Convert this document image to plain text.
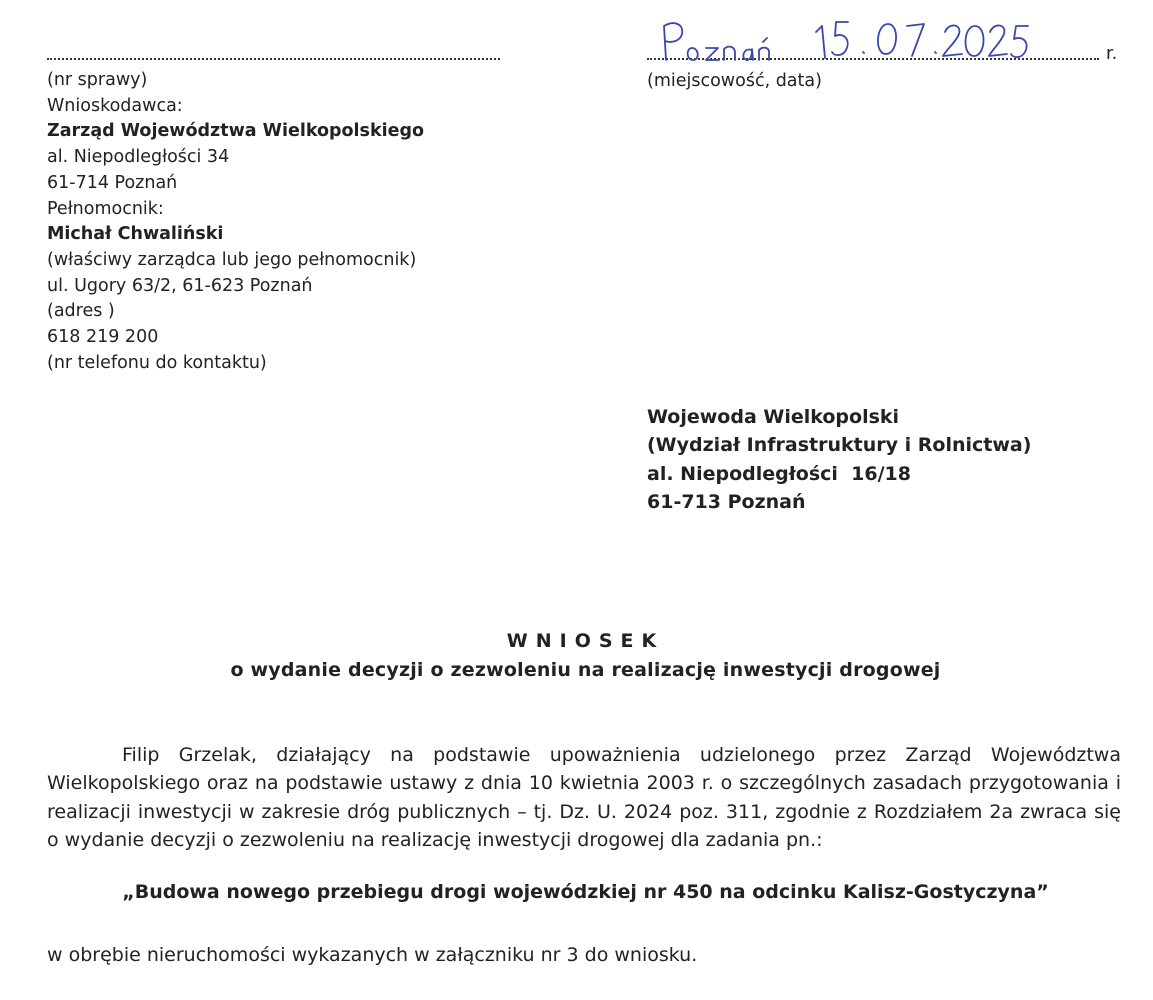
(nr sprawy)
Wnioskodawca:
Zarząd Województwa Wielkopolskiego
al. Niepodległości 34
61-714 Poznań
Pełnomocnik:
Michał Chwaliński
(właściwy zarządca lub jego pełnomocnik)
ul. Ugory 63/2, 61-623 Poznań
(adres )
618 219 200
(nr telefonu do kontaktu)
r.
(miejscowość, data)
Wojewoda Wielkopolski
(Wydział Infrastruktury i Rolnictwa)
al. Niepodległości  16/18
61-713 Poznań
WNIOSEK
o wydanie decyzji o zezwoleniu na realizację inwestycji drogowej
Filip Grzelak, działający na podstawie upoważnienia udzielonego przez Zarząd Województwa
Wielkopolskiego oraz na podstawie ustawy z dnia 10 kwietnia 2003 r. o szczególnych zasadach przygotowania i
realizacji inwestycji w zakresie dróg publicznych – tj. Dz. U. 2024 poz. 311, zgodnie z Rozdziałem 2a zwraca się
o wydanie decyzji o zezwoleniu na realizację inwestycji drogowej dla zadania pn.:
„Budowa nowego przebiegu drogi wojewódzkiej nr 450 na odcinku Kalisz-Gostyczyna”
w obrębie nieruchomości wykazanych w załączniku nr 3 do wniosku.
